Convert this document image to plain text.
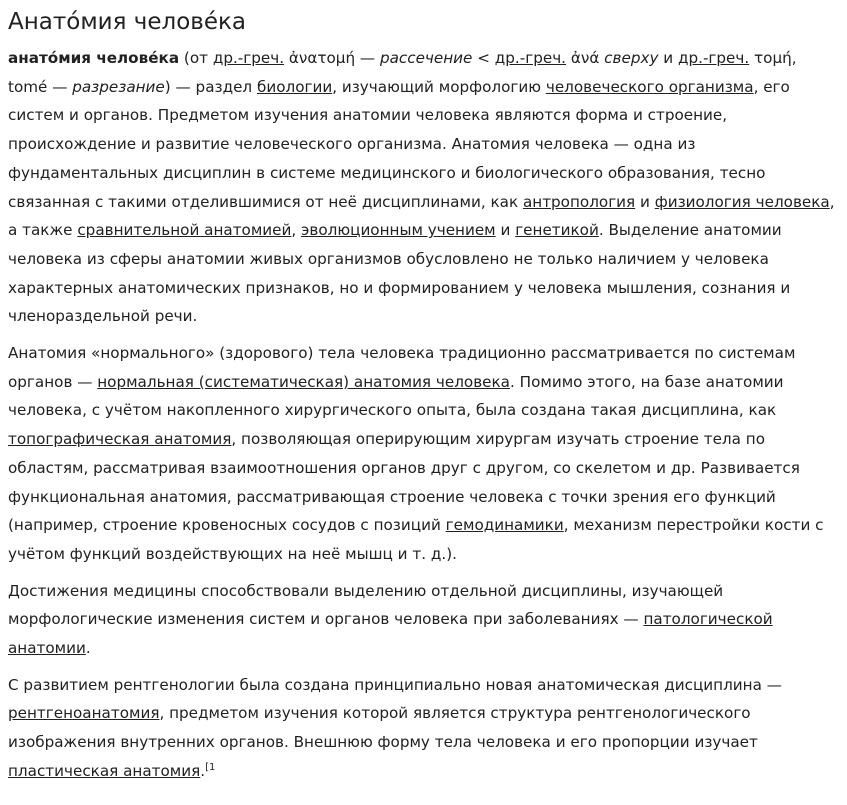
Анато́мия челове́ка

анато́мия челове́ка (от др.-греч. ἀνατομή — рассечение < др.-греч. ἀνά сверху и др.-греч. τομή, tomé — разрезание) — раздел биологии, изучающий морфологию человеческого организма, его систем и органов. Предметом изучения анатомии человека являются форма и строение, происхождение и развитие человеческого организма. Анатомия человека — одна из фундаментальных дисциплин в системе медицинского и биологического образования, тесно связанная с такими отделившимися от неё дисциплинами, как антропология и физиология человека, а также сравнительной анатомией, эволюционным учением и генетикой. Выделение анатомии человека из сферы анатомии живых организмов обусловлено не только наличием у человека характерных анатомических признаков, но и формированием у человека мышления, сознания и членораздельной речи.

Анатомия «нормального» (здорового) тела человека традиционно рассматривается по системам органов — нормальная (систематическая) анатомия человека. Помимо этого, на базе анатомии человека, с учётом накопленного хирургического опыта, была создана такая дисциплина, как топографическая анатомия, позволяющая оперирующим хирургам изучать строение тела по областям, рассматривая взаимоотношения органов друг с другом, со скелетом и др. Развивается функциональная анатомия, рассматривающая строение человека с точки зрения его функций (например, строение кровеносных сосудов с позиций гемодинамики, механизм перестройки кости с учётом функций воздействующих на неё мышц и т. д.).

Достижения медицины способствовали выделению отдельной дисциплины, изучающей морфологические изменения систем и органов человека при заболеваниях — патологической анатомии.

С развитием рентгенологии была создана принципиально новая анатомическая дисциплина — рентгеноанатомия, предметом изучения которой является структура рентгенологического изображения внутренних органов. Внешнюю форму тела человека и его пропорции изучает пластическая анатомия.$^{[1}$
